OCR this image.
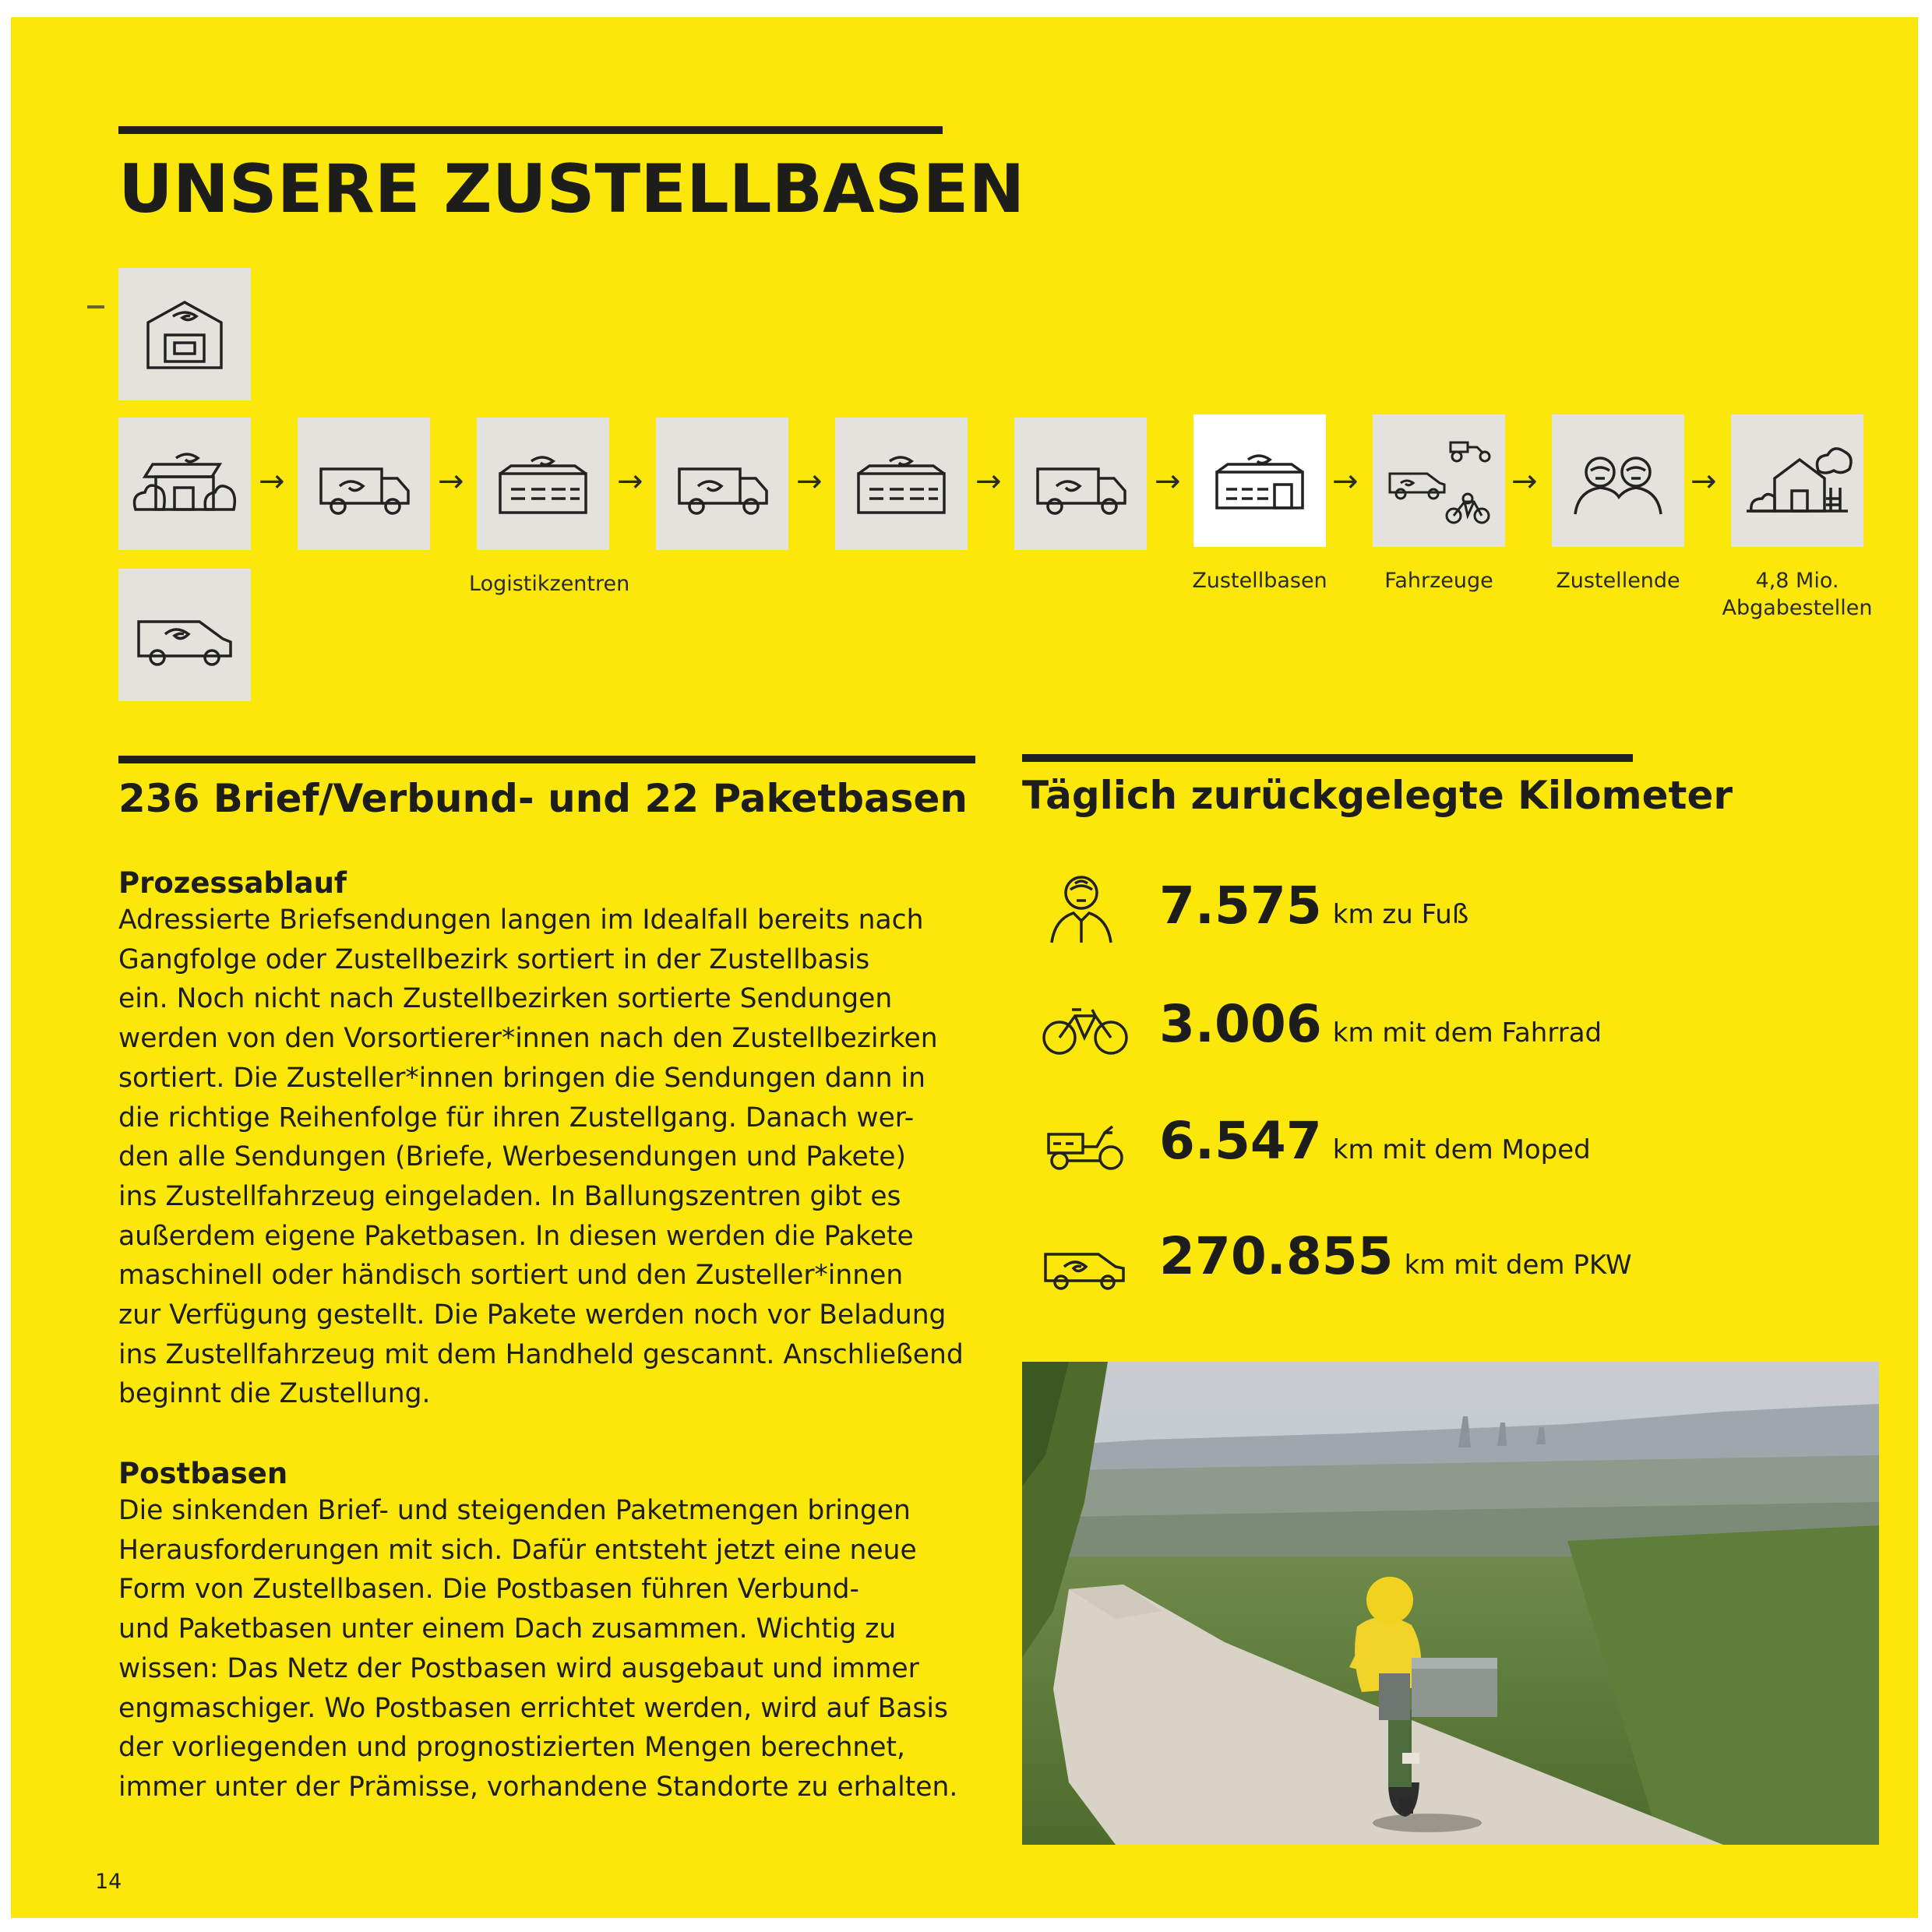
UNSERE ZUSTELLBASEN
→	→	→	→	→	→	→	→	→
Logistikzentren	Zustellbasen	Fahrzeuge	Zustellende	4,8 Mio.
Abgabestellen
236 Brief/Verbund- und 22 Paketbasen

Prozessablauf

Adressierte Briefsendungen langen im Idealfall bereits nach
Gangfolge oder Zustellbezirk sortiert in der Zustellbasis
ein. Noch nicht nach Zustellbezirken sortierte Sendungen
werden von den Vorsortierer*innen nach den Zustellbezirken
sortiert. Die Zusteller*innen bringen die Sendungen dann in
die richtige Reihenfolge für ihren Zustellgang. Danach wer-
den alle Sendungen (Briefe, Werbesendungen und Pakete)
ins Zustellfahrzeug eingeladen. In Ballungszentren gibt es
außerdem eigene Paketbasen. In diesen werden die Pakete
maschinell oder händisch sortiert und den Zusteller*innen
zur Verfügung gestellt. Die Pakete werden noch vor Beladung
ins Zustellfahrzeug mit dem Handheld gescannt. Anschließend
beginnt die Zustellung.

Postbasen

Die sinkenden Brief- und steigenden Paketmengen bringen
Herausforderungen mit sich. Dafür entsteht jetzt eine neue
Form von Zustellbasen. Die Postbasen führen Verbund-
und Paketbasen unter einem Dach zusammen. Wichtig zu
wissen: Das Netz der Postbasen wird ausgebaut und immer
engmaschiger. Wo Postbasen errichtet werden, wird auf Basis
der vorliegenden und prognostizierten Mengen berechnet,
immer unter der Prämisse, vorhandene Standorte zu erhalten.
Täglich zurückgelegte Kilometer
7.575 km zu Fuß
3.006 km mit dem Fahrrad
6.547 km mit dem Moped
270.855 km mit dem PKW
14
